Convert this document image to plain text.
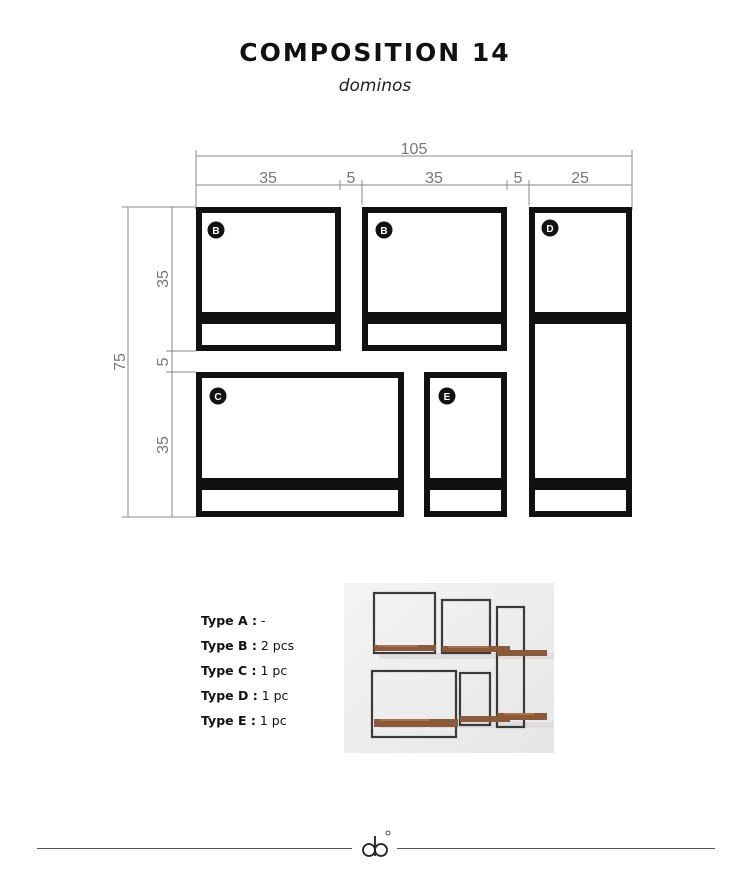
COMPOSITION 14
dominos
105
35	5	35	5	25
75
35
5
35
B	B	D
C	E
Type A : -
Type B : 2 pcs
Type C : 1 pc
Type D : 1 pc
Type E : 1 pc
